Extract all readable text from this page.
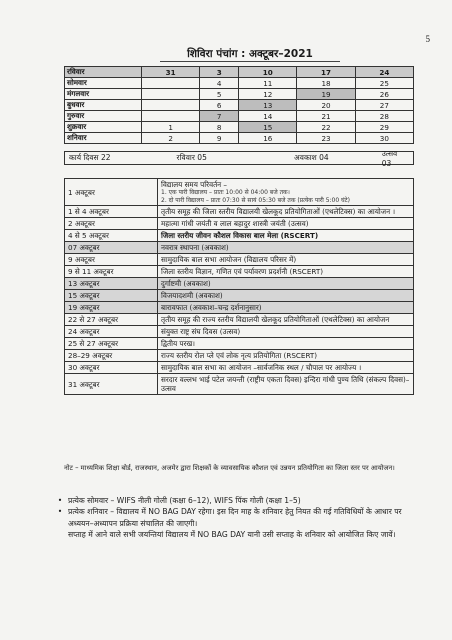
5
शिविरा पंचांग : अक्टूबर–2021
रविवार	31	3	10	17	24
सोमवार		4	11	18	25
मंगलवार		5	12	19	26
बुधवार		6	13	20	27
गुरुवार		7	14	21	28
शुक्रवार	1	8	15	22	29
शनिवार	2	9	16	23	30
कार्य दिवस 22	रविवार 05	अवकाश 04	उत्सव 03
1 अक्टूबर	विद्यालय समय परिवर्तन –
1. एक पारी विद्यालय – प्रातः 10:00 से 04:00 बजे तक।
2. दो पारी विद्यालय – प्रातः 07:30 से सायं 05:30 बजे तक (प्रत्येक पारी 5:00 घंटे)

1 से 4 अक्टूबर	तृतीय समूह की जिला स्तरीय विद्यालयी खेलकूद प्रतियोगिताओं (एथलेटिक्स) का आयोजन ।
2 अक्टूबर	महात्मा गांधी जयंती व लाल बहादुर शास्त्री जयंती (उत्सव)
4 से 5 अक्टूबर	जिला स्तरीय जीवन कौशल विकास बाल मेला (RSCERT)
07 अक्टूबर	नवरात्र स्थापना (अवकाश)
9 अक्टूबर	सामुदायिक बाल सभा आयोजन (विद्यालय परिसर में)
9 से 11 अक्टूबर	जिला स्तरीय विज्ञान, गणित एवं पर्यावरण प्रदर्शनी (RSCERT)
13 अक्टूबर	दुर्गाष्टमी (अवकाश)
15 अक्टूबर	विजयादशमी (अवकाश)
19 अक्टूबर	बारावफात (अवकाश–चन्द्र दर्शनानुसार)
22 से 27 अक्टूबर	तृतीय समूह की राज्य स्तरीय विद्यालयी खेलकूद प्रतियोगिताओं (एथलेटिक्स) का आयोजन
24 अक्टूबर	संयुक्त राष्ट्र संघ दिवस (उत्सव)
25 से 27 अक्टूबर	द्वितीय परख।
28–29 अक्टूबर	राज्य स्तरीय रोल प्ले एवं लोक नृत्य प्रतियोगिता (RSCERT)
30 अक्टूबर	सामुदायिक बाल सभा का आयोजन –सार्वजनिक स्थल / चौपाल पर आयोज्य ।
31 अक्टूबर	सरदार वल्लभ भाई पटेल जयन्ती (राष्ट्रीय एकता दिवस) इन्दिरा गांधी पुण्य तिथि (संकल्प दिवस)–उत्सव
नोट – माध्यमिक शिक्षा बोर्ड, राजस्थान, अजमेर द्वारा शिक्षकों के व्यावसायिक कौशल एवं उन्नयन प्रतियोगिता का जिला स्तर पर आयोजन।
• प्रत्येक सोमवार – WIFS नीली गोली (कक्षा 6–12), WIFS पिंक गोली (कक्षा 1–5)
• प्रत्येक शनिवार – विद्यालय में NO BAG DAY रहेगा। इस दिन माह के शनिवार हेतु नियत की गई गतिविधियों के आधार पर अध्ययन–अध्यापन प्रक्रिया संचालित की जाएगी।
सप्ताह में आने वाले सभी जयन्तियां विद्यालय में NO BAG DAY यानी उसी सप्ताह के शनिवार को आयोजित किए जावें।
